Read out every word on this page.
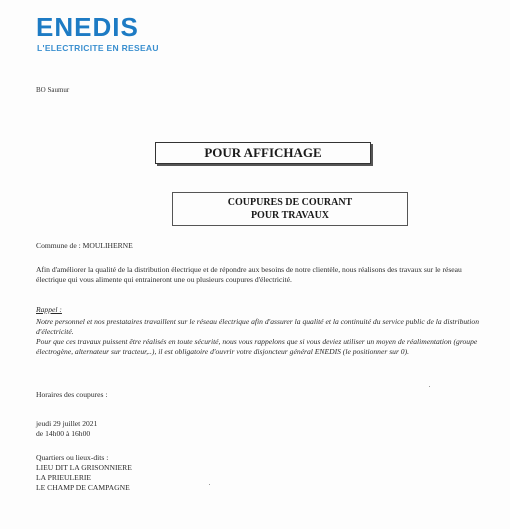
ENEDIS
L'ELECTRICITE EN RESEAU
BO Saumur
POUR AFFICHAGE
COUPURES DE COURANT
POUR TRAVAUX
Commune de : MOULIHERNE
Afin d'améliorer la qualité de la distribution électrique et de répondre aux besoins de notre clientèle, nous réalisons des travaux sur le réseau électrique qui vous alimente qui entraineront une ou plusieurs coupures d'électricité.
Rappel :

Notre personnel et nos prestataires travaillent sur le réseau électrique afin d'assurer la qualité et la continuité du service public de la distribution d'électricité.

Pour que ces travaux puissent être réalisés en toute sécurité, nous vous rappelons que si vous deviez utiliser un moyen de réalimentation (groupe électrogène, alternateur sur tracteur,..), il est obligatoire d'ouvrir votre disjoncteur général ENEDIS (le positionner sur 0).

Horaires des coupures :
jeudi 29 juillet 2021
de 14h00 à 16h00
Quartiers ou lieux-dits :
LIEU DIT LA GRISONNIERE
LA PRIEULERIE
LE CHAMP DE CAMPAGNE
